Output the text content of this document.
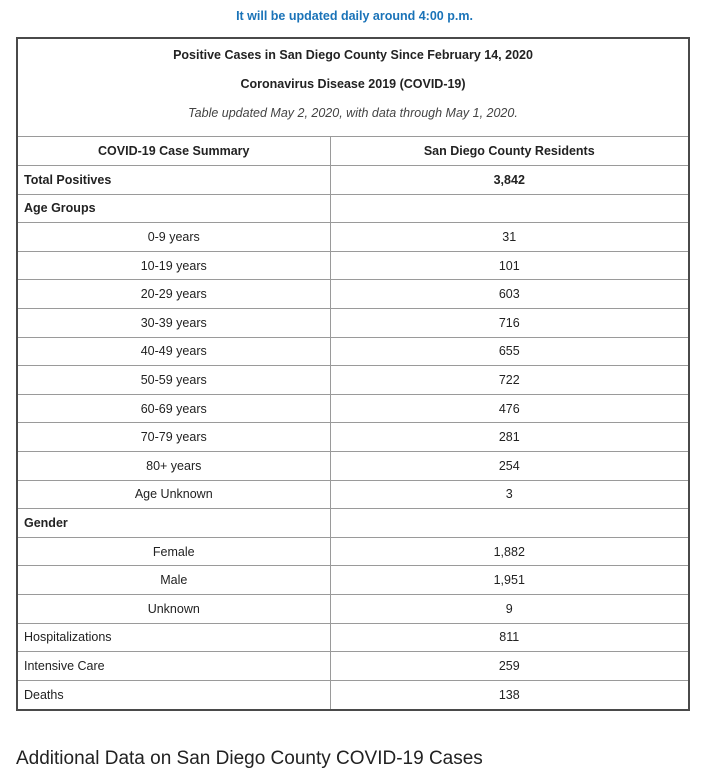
It will be updated daily around 4:00 p.m.
Positive Cases in San Diego County Since February 14, 2020
Coronavirus Disease 2019 (COVID-19)
Table updated May 2, 2020, with data through May 1, 2020.
COVID-19 Case Summary	San Diego County Residents
Total Positives	3,842
Age Groups	
0-9 years	31
10-19 years	101
20-29 years	603
30-39 years	716
40-49 years	655
50-59 years	722
60-69 years	476
70-79 years	281
80+ years	254
Age Unknown	3
Gender	
Female	1,882
Male	1,951
Unknown	9
Hospitalizations	811
Intensive Care	259
Deaths	138
Additional Data on San Diego County COVID-19 Cases
